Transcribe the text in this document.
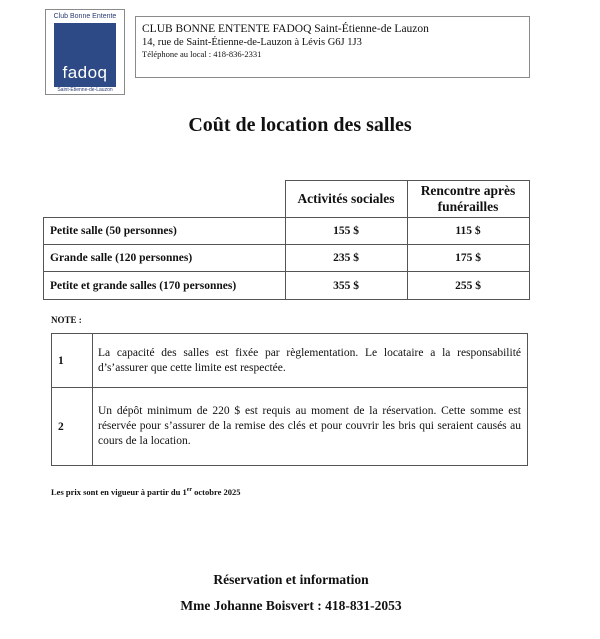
Club Bonne Entente
fadoq
Saint-Étienne-de-Lauzon
CLUB BONNE ENTENTE FADOQ Saint-Étienne-de Lauzon
14, rue de Saint-Étienne-de-Lauzon à Lévis G6J 1J3
Téléphone au local : 418-836-2331
Coût de location des salles
	Activités sociales	Rencontre après funérailles
Petite salle (50 personnes)	155 $	115 $
Grande salle (120 personnes)	235 $	175 $
Petite et grande salles (170 personnes)	355 $	255 $
NOTE :
1	La capacité des salles est fixée par règlementation. Le locataire a la responsabilité d’s’assurer que cette limite est respectée.
2	Un dépôt minimum de 220 $ est requis au moment de la réservation. Cette somme est réservée pour s’assurer de la remise des clés et pour couvrir les bris qui seraient causés au cours de la location.
Les prix sont en vigueur à partir du 1er octobre 2025
Réservation et information
Mme Johanne Boisvert : 418-831-2053
